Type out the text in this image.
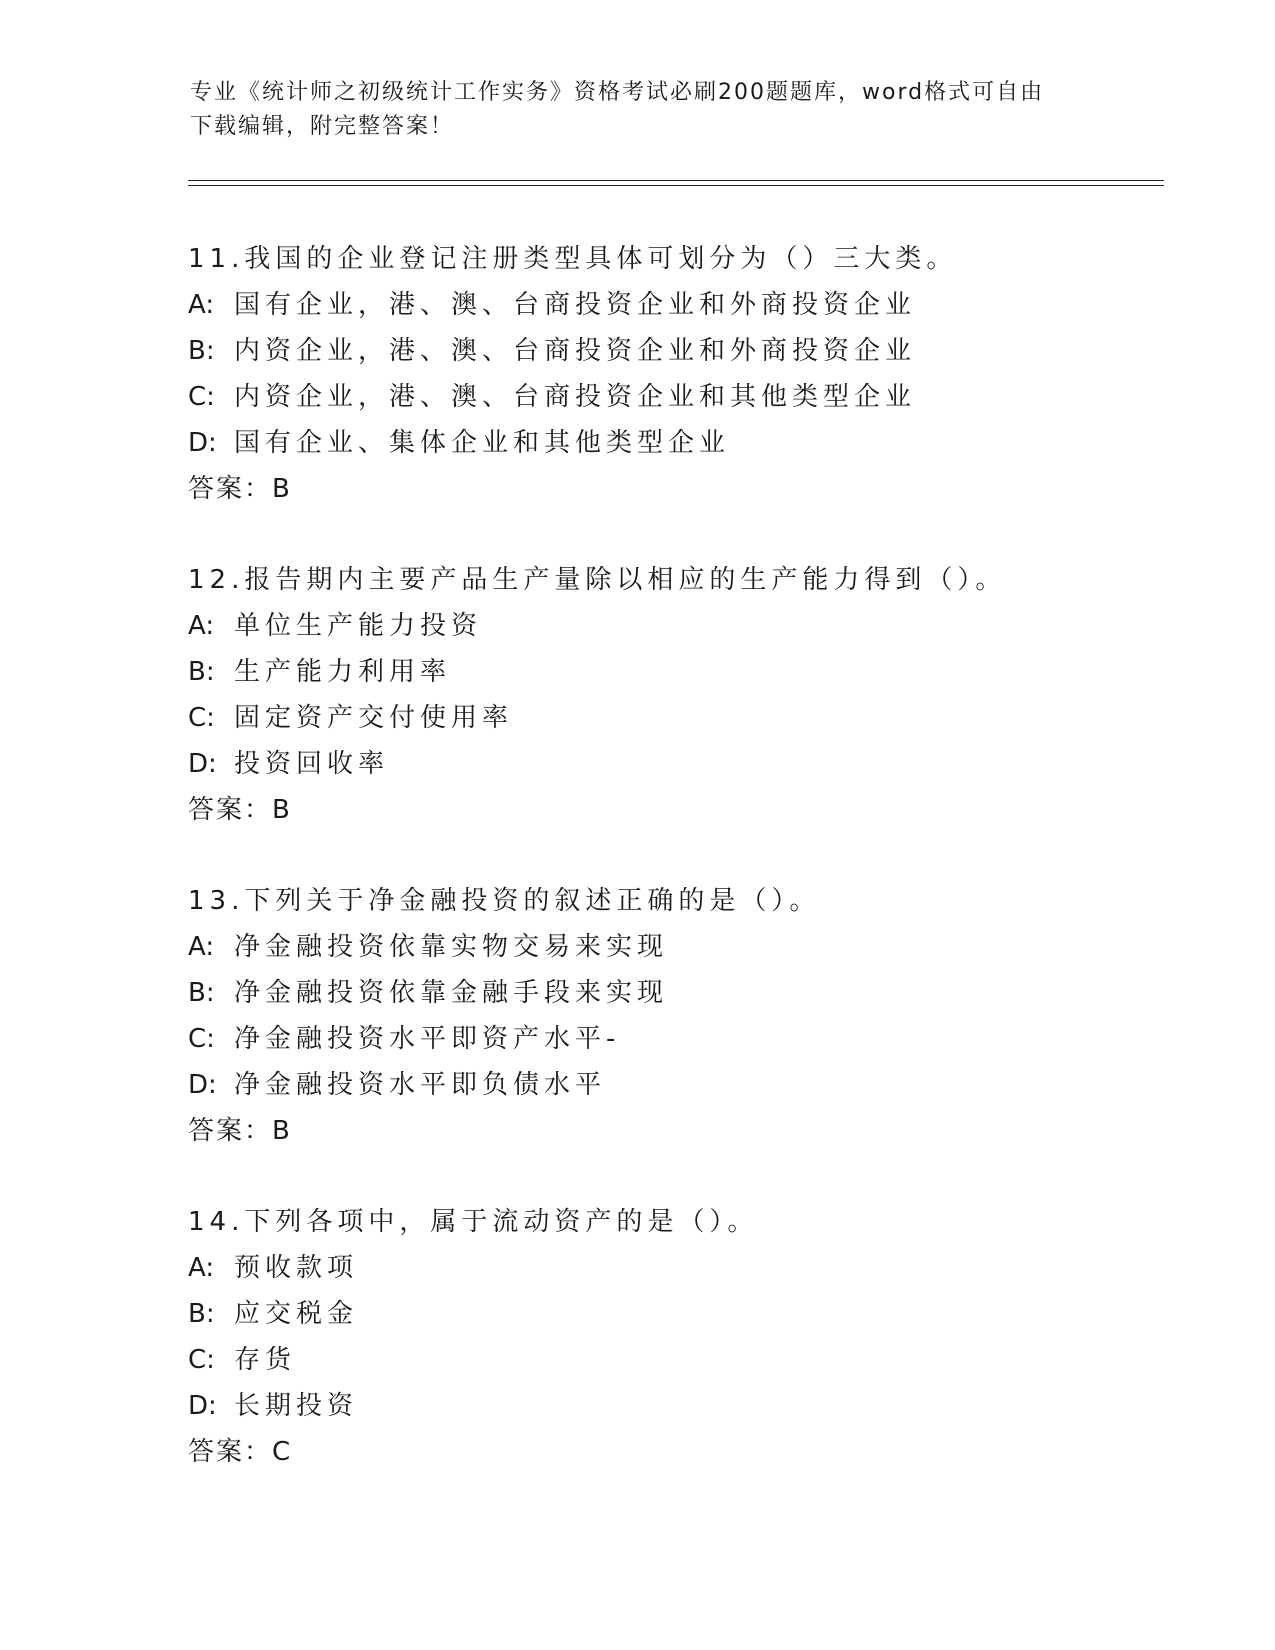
专业《统计师之初级统计工作实务》资格考试必刷200题题库，word格式可自由
下载编辑，附完整答案！
11.我国的企业登记注册类型具体可划分为（）三大类。
A: 国有企业，港、澳、台商投资企业和外商投资企业
B: 内资企业，港、澳、台商投资企业和外商投资企业
C: 内资企业，港、澳、台商投资企业和其他类型企业
D: 国有企业、集体企业和其他类型企业
答案：B
12.报告期内主要产品生产量除以相应的生产能力得到（）。
A: 单位生产能力投资
B: 生产能力利用率
C: 固定资产交付使用率
D: 投资回收率
答案：B
13.下列关于净金融投资的叙述正确的是（）。
A: 净金融投资依靠实物交易来实现
B: 净金融投资依靠金融手段来实现
C: 净金融投资水平即资产水平-
D: 净金融投资水平即负债水平
答案：B
14.下列各项中，属于流动资产的是（）。
A: 预收款项
B: 应交税金
C: 存货
D: 长期投资
答案：C
